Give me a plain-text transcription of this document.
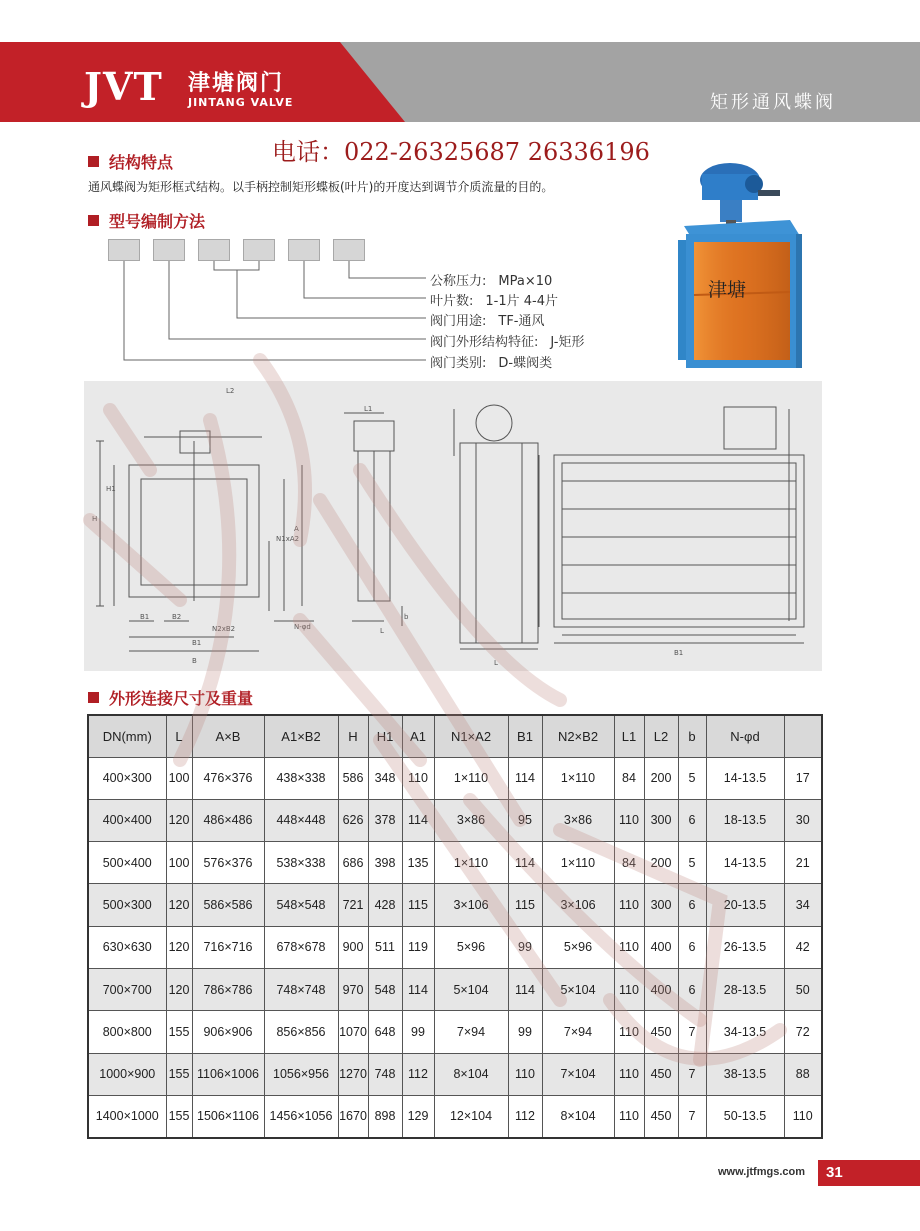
JVT 津塘阀门
JINTANG VALVE	矩形通风蝶阀
结构特点	电话：022-26325687 26336196
通风蝶阀为矩形框式结构。以手柄控制矩形蝶板(叶片)的开度达到调节介质流量的目的。
型号编制方法
公称压力: MPa×10
叶片数: 1-1片 4-4片
阀门用途: TF-通风
阀门外形结构特征: J-矩形
阀门类别: D-蝶阀类
津塘
L2
L1
H
H1
N1xA2
A
B1	B2
N2xB2
B1
B
N-φd	L
b
L
B1
外形连接尺寸及重量
DN(mm)	L	A×B	A1×B2	H	H1	A1	N1×A2	B1	N2×B2	L1	L2	b	N-φd	
400×300	100	476×376	438×338	586	348	110	1×110	114	1×110	84	200	5	14-13.5	17
400×400	120	486×486	448×448	626	378	114	3×86	95	3×86	110	300	6	18-13.5	30
500×400	100	576×376	538×338	686	398	135	1×110	114	1×110	84	200	5	14-13.5	21
500×300	120	586×586	548×548	721	428	115	3×106	115	3×106	110	300	6	20-13.5	34
630×630	120	716×716	678×678	900	511	119	5×96	99	5×96	110	400	6	26-13.5	42
700×700	120	786×786	748×748	970	548	114	5×104	114	5×104	110	400	6	28-13.5	50
800×800	155	906×906	856×856	1070	648	99	7×94	99	7×94	110	450	7	34-13.5	72
1000×900	155	1106×1006	1056×956	1270	748	112	8×104	110	7×104	110	450	7	38-13.5	88
1400×1000	155	1506×1106	1456×1056	1670	898	129	12×104	112	8×104	110	450	7	50-13.5	110
www.jtfmgs.com	31
